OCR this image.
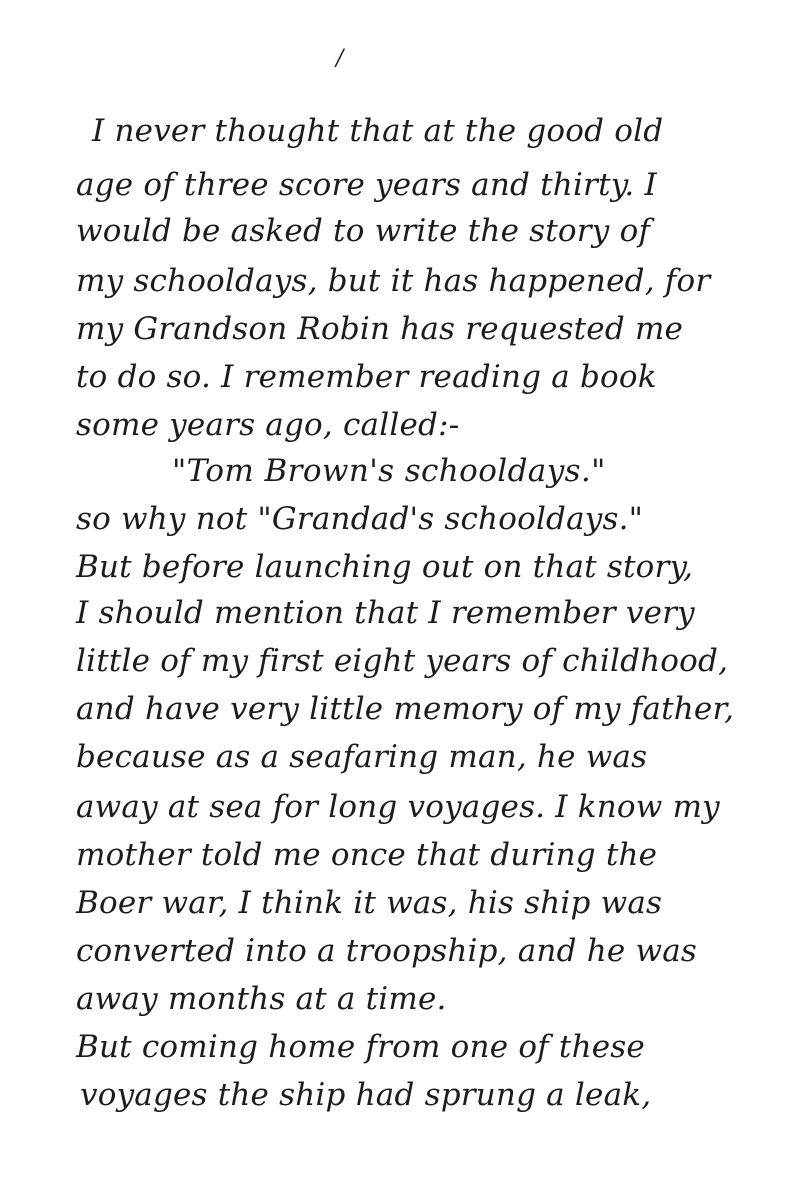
/
I never thought that at the good old
age of three score years and thirty. I
would be asked to write the story of
my schooldays, but it has happened, for
my Grandson Robin has requested me
to do so. I remember reading a book
some years ago, called:-
"Tom Brown's schooldays."
so why not "Grandad's schooldays."
But before launching out on that story,
I should mention that I remember very
little of my first eight years of childhood,
and have very little memory of my father,
because as a seafaring man, he was
away at sea for long voyages. I know my
mother told me once that during the
Boer war, I think it was, his ship was
converted into a troopship, and he was
away months at a time.
But coming home from one of these
voyages the ship had sprung a leak,
